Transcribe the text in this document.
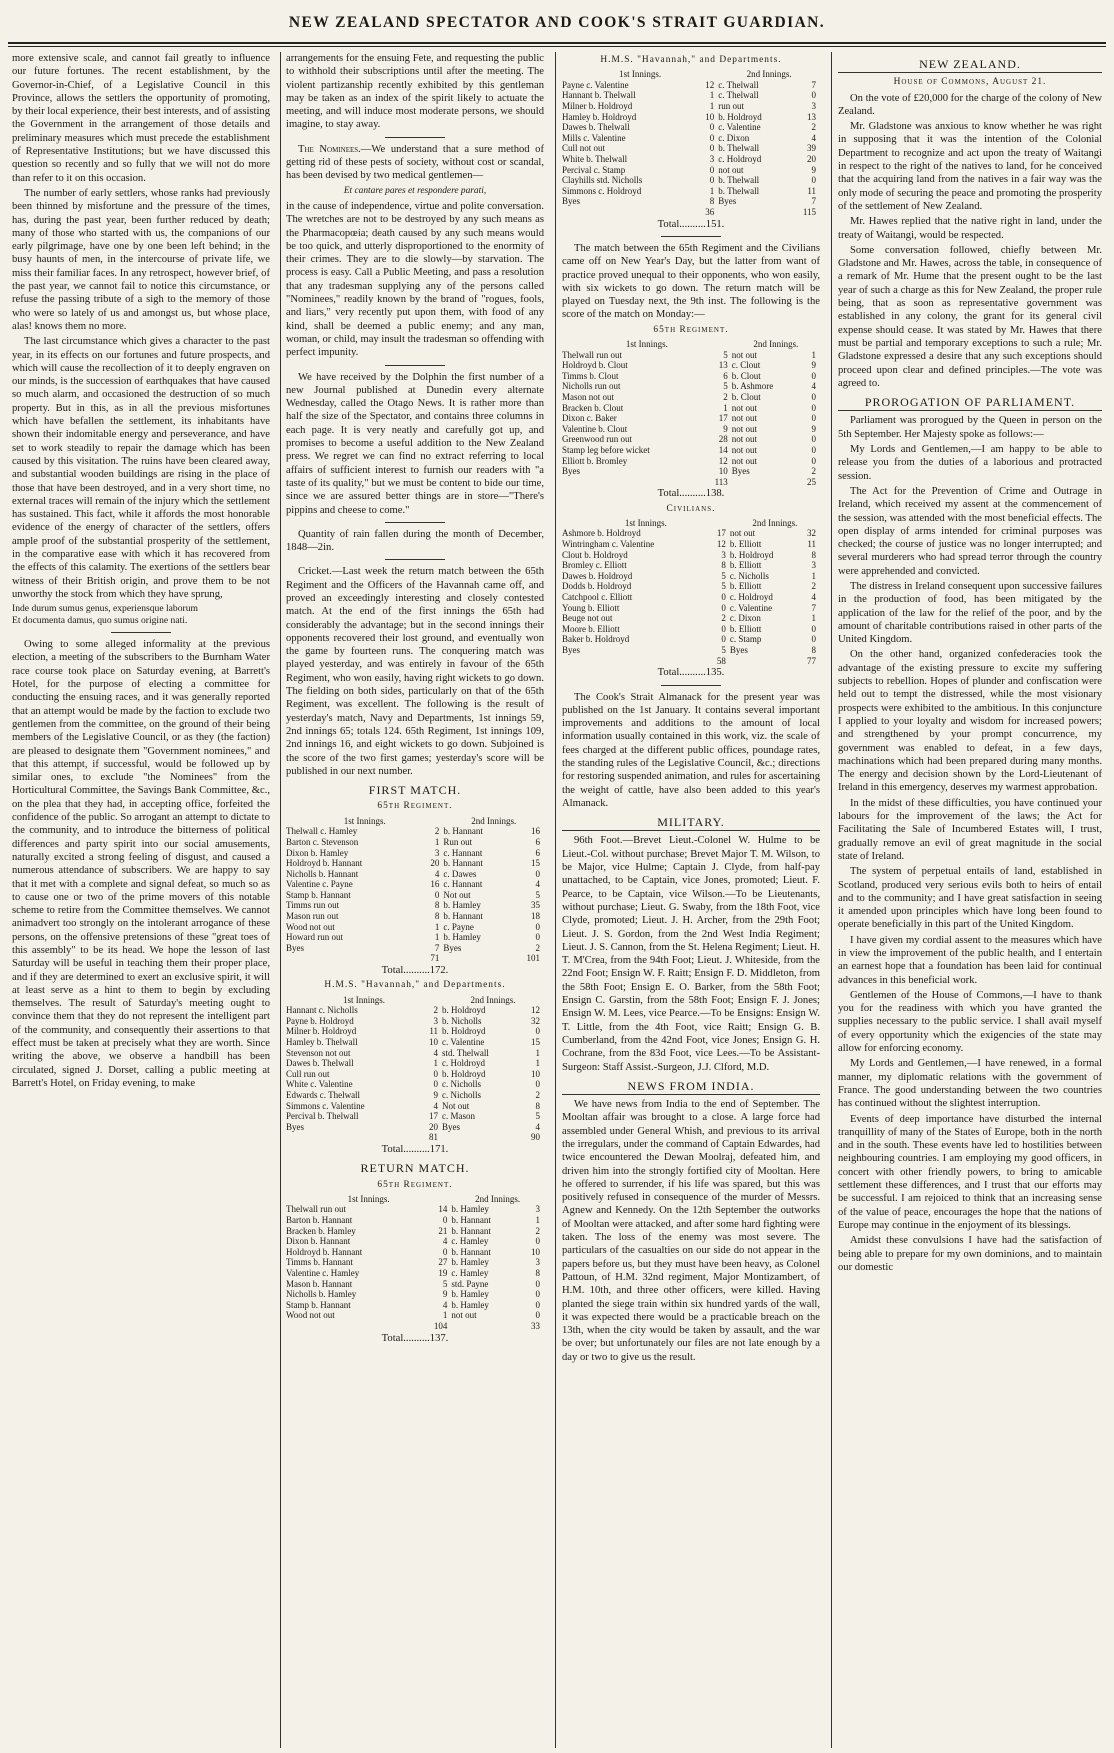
NEW ZEALAND SPECTATOR AND COOK'S STRAIT GUARDIAN.

more extensive scale, and cannot fail greatly to influence our future fortunes. The recent establishment, by the Governor-in-Chief, of a Legislative Council in this Province, allows the settlers the opportunity of promoting, by their local experience, their best interests, and of assisting the Government in the arrangement of those details and preliminary measures which must precede the establishment of Representative Institutions; but we have discussed this question so recently and so fully that we will not do more than refer to it on this occasion.

The number of early settlers, whose ranks had previously been thinned by misfortune and the pressure of the times, has, during the past year, been further reduced by death; many of those who started with us, the companions of our early pilgrimage, have one by one been left behind; in the busy haunts of men, in the intercourse of private life, we miss their familiar faces. In any retrospect, however brief, of the past year, we cannot fail to notice this circumstance, or refuse the passing tribute of a sigh to the memory of those who were so lately of us and amongst us, but whose place, alas! knows them no more.

The last circumstance which gives a character to the past year, in its effects on our fortunes and future prospects, and which will cause the recollection of it to deeply engraven on our minds, is the succession of earthquakes that have caused so much alarm, and occasioned the destruction of so much property. But in this, as in all the previous misfortunes which have befallen the settlement, its inhabitants have shown their indomitable energy and perseverance, and have set to work steadily to repair the damage which has been caused by this visitation. The ruins have been cleared away, and substantial wooden buildings are rising in the place of those that have been destroyed, and in a very short time, no external traces will remain of the injury which the settlement has sustained. This fact, while it affords the most honorable evidence of the energy of character of the settlers, offers ample proof of the substantial prosperity of the settlement, in the comparative ease with which it has recovered from the effects of this calamity. The exertions of the settlers bear witness of their British origin, and prove them to be not unworthy the stock from which they have sprung,

Inde durum sumus genus, experiensque laborum
Et documenta damus, quo sumus origine nati.

Owing to some alleged informality at the previous election, a meeting of the subscribers to the Burnham Water race course took place on Saturday evening, at Barrett's Hotel, for the purpose of electing a committee for conducting the ensuing races, and it was generally reported that an attempt would be made by the faction to exclude two gentlemen from the committee, on the ground of their being members of the Legislative Council, or as they (the faction) are pleased to designate them "Government nominees," and that this attempt, if successful, would be followed up by similar ones, to exclude "the Nominees" from the Horticultural Committee, the Savings Bank Committee, &c., on the plea that they had, in accepting office, forfeited the confidence of the public. So arrogant an attempt to dictate to the community, and to introduce the bitterness of political differences and party spirit into our social amusements, naturally excited a strong feeling of disgust, and caused a numerous attendance of subscribers. We are happy to say that it met with a complete and signal defeat, so much so as to cause one or two of the prime movers of this notable scheme to retire from the Committee themselves. We cannot animadvert too strongly on the intolerant arrogance of these persons, on the offensive pretensions of these "great toes of this assembly" to be its head. We hope the lesson of last Saturday will be useful in teaching them their proper place, and if they are determined to exert an exclusive spirit, it will at least serve as a hint to them to begin by excluding themselves. The result of Saturday's meeting ought to convince them that they do not represent the intelligent part of the community, and consequently their assertions to that effect must be taken at precisely what they are worth. Since writing the above, we observe a handbill has been circulated, signed J. Dorset, calling a public meeting at Barrett's Hotel, on Friday evening, to make

arrangements for the ensuing Fete, and requesting the public to withhold their subscriptions until after the meeting. The violent partizanship recently exhibited by this gentleman may be taken as an index of the spirit likely to actuate the meeting, and will induce most moderate persons, we should imagine, to stay away.

The Nominees.—We understand that a sure method of getting rid of these pests of society, without cost or scandal, has been devised by two medical gentlemen—

Et cantare pares et respondere parati,

in the cause of independence, virtue and polite conversation. The wretches are not to be destroyed by any such means as the Pharmacopœia; death caused by any such means would be too quick, and utterly disproportioned to the enormity of their crimes. They are to die slowly—by starvation. The process is easy. Call a Public Meeting, and pass a resolution that any tradesman supplying any of the persons called "Nominees," readily known by the brand of "rogues, fools, and liars," very recently put upon them, with food of any kind, shall be deemed a public enemy; and any man, woman, or child, may insult the tradesman so offending with perfect impunity.

We have received by the Dolphin the first number of a new Journal published at Dunedin every alternate Wednesday, called the Otago News. It is rather more than half the size of the Spectator, and contains three columns in each page. It is very neatly and carefully got up, and promises to become a useful addition to the New Zealand press. We regret we can find no extract referring to local affairs of sufficient interest to furnish our readers with "a taste of its quality," but we must be content to bide our time, since we are assured better things are in store—"There's pippins and cheese to come."

Quantity of rain fallen during the month of December, 1848—2in.

Cricket.—Last week the return match between the 65th Regiment and the Officers of the Havannah came off, and proved an exceedingly interesting and closely contested match. At the end of the first innings the 65th had considerably the advantage; but in the second innings their opponents recovered their lost ground, and eventually won the game by fourteen runs. The conquering match was played yesterday, and was entirely in favour of the 65th Regiment, who won easily, having right wickets to go down. The fielding on both sides, particularly on that of the 65th Regiment, was excellent. The following is the result of yesterday's match, Navy and Departments, 1st innings 59, 2nd innings 65; totals 124. 65th Regiment, 1st innings 109, 2nd innings 16, and eight wickets to go down. Subjoined is the score of the two first games; yesterday's score will be published in our next number.

FIRST MATCH.
65th Regiment.
1st Innings.		2nd Innings.	
Thelwall c. Hamley	2	b. Hannant	16
Barton c. Stevenson	1	Run out	6
Dixon b. Hamley	3	c. Hannant	6
Holdroyd b. Hannant	20	b. Hannant	15
Nicholls b. Hannant	4	c. Dawes	0
Valentine c. Payne	16	c. Hannant	4
Stamp b. Hannant	0	Not out	5
Timms run out	8	b. Hamley	35
Mason run out	8	b. Hannant	18
Wood not out	1	c. Payne	0
Howard run out	1	b. Hamley	0
Byes	7	Byes	2
	71		101
Total..........172.
H.M.S. "Havannah," and Departments.
1st Innings.		2nd Innings.	
Hannant c. Nicholls	2	b. Holdroyd	12
Payne b. Holdroyd	3	b. Nicholls	32
Milner b. Holdroyd	11	b. Holdroyd	0
Hamley b. Thelwall	10	c. Valentine	15
Stevenson not out	4	std. Thelwall	1
Dawes b. Thelwall	1	c. Holdroyd	1
Cull run out	0	b. Holdroyd	10
White c. Valentine	0	c. Nicholls	0
Edwards c. Thelwall	9	c. Nicholls	2
Simmons c. Valentine	4	Not out	8
Percival b. Thelwall	17	c. Mason	5
Byes	20	Byes	4
	81		90
Total..........171.
RETURN MATCH.
65th Regiment.
1st Innings.		2nd Innings.	
Thelwall run out	14	b. Hamley	3
Barton b. Hannant	0	b. Hannant	1
Bracken b. Hamley	21	b. Hannant	2
Dixon b. Hannant	4	c. Hamley	0
Holdroyd b. Hannant	0	b. Hannant	10
Timms b. Hannant	27	b. Hamley	3
Valentine c. Hamley	19	c. Hamley	8
Mason b. Hannant	5	std. Payne	0
Nicholls b. Hamley	9	b. Hamley	0
Stamp b. Hannant	4	b. Hamley	0
Wood not out	1	not out	0
	104		33
Total..........137.
H.M.S. "Havannah," and Departments.
1st Innings.		2nd Innings.	
Payne c. Valentine	12	c. Thelwall	7
Hannant b. Thelwall	1	c. Thelwall	0
Milner b. Holdroyd	1	run out	3
Hamley b. Holdroyd	10	b. Holdroyd	13
Dawes b. Thelwall	0	c. Valentine	2
Mills c. Valentine	0	c. Dixon	4
Cull not out	0	b. Thelwall	39
White b. Thelwall	3	c. Holdroyd	20
Percival c. Stamp	0	not out	9
Clayhills std. Nicholls	0	b. Thelwall	0
Simmons c. Holdroyd	1	b. Thelwall	11
Byes	8	Byes	7
	36		115
Total..........151.

The match between the 65th Regiment and the Civilians came off on New Year's Day, but the latter from want of practice proved unequal to their opponents, who won easily, with six wickets to go down. The return match will be played on Tuesday next, the 9th inst. The following is the score of the match on Monday:—

65th Regiment.
1st Innings.		2nd Innings.	
Thelwall run out	5	not out	1
Holdroyd b. Clout	13	c. Clout	9
Timms b. Clout	6	b. Clout	0
Nicholls run out	5	b. Ashmore	4
Mason not out	2	b. Clout	0
Bracken b. Clout	1	not out	0
Dixon c. Baker	17	not out	0
Valentine b. Clout	9	not out	9
Greenwood run out	28	not out	0
Stamp leg before wicket	14	not out	0
Elliott b. Bromley	12	not out	0
Byes	10	Byes	2
	113		25
Total..........138.
Civilians.
1st Innings.		2nd Innings.	
Ashmore b. Holdroyd	17	not out	32
Wintringham c. Valentine	12	b. Elliott	11
Clout b. Holdroyd	3	b. Holdroyd	8
Bromley c. Elliott	8	b. Elliott	3
Dawes b. Holdroyd	5	c. Nicholls	1
Dodds b. Holdroyd	5	b. Elliott	2
Catchpool c. Elliott	0	c. Holdroyd	4
Young b. Elliott	0	c. Valentine	7
Beuge not out	2	c. Dixon	1
Moore b. Elliott	0	b. Elliott	0
Baker b. Holdroyd	0	c. Stamp	0
Byes	5	Byes	8
	58		77
Total..........135.

The Cook's Strait Almanack for the present year was published on the 1st January. It contains several important improvements and additions to the amount of local information usually contained in this work, viz. the scale of fees charged at the different public offices, poundage rates, the standing rules of the Legislative Council, &c.; directions for restoring suspended animation, and rules for ascertaining the weight of cattle, have also been added to this year's Almanack.

MILITARY.

96th Foot.—Brevet Lieut.-Colonel W. Hulme to be Lieut.-Col. without purchase; Brevet Major T. M. Wilson, to be Major, vice Hulme; Captain J. Clyde, from half-pay unattached, to be Captain, vice Jones, promoted; Lieut. F. Pearce, to be Captain, vice Wilson.—To be Lieutenants, without purchase; Lieut. G. Swaby, from the 18th Foot, vice Clyde, promoted; Lieut. J. H. Archer, from the 29th Foot; Lieut. J. S. Gordon, from the 2nd West India Regiment; Lieut. J. S. Cannon, from the St. Helena Regiment; Lieut. H. T. M'Crea, from the 94th Foot; Lieut. J. Whiteside, from the 22nd Foot; Ensign W. F. Raitt; Ensign F. D. Middleton, from the 58th Foot; Ensign E. O. Barker, from the 58th Foot; Ensign C. Garstin, from the 58th Foot; Ensign F. J. Jones; Ensign W. M. Lees, vice Pearce.—To be Ensigns: Ensign W. T. Little, from the 4th Foot, vice Raitt; Ensign G. B. Cumberland, from the 42nd Foot, vice Jones; Ensign G. H. Cochrane, from the 83d Foot, vice Lees.—To be Assistant-Surgeon: Staff Assist.-Surgeon, J.J. Clford, M.D.

NEWS FROM INDIA.

We have news from India to the end of September. The Mooltan affair was brought to a close. A large force had assembled under General Whish, and previous to its arrival the irregulars, under the command of Captain Edwardes, had twice encountered the Dewan Moolraj, defeated him, and driven him into the strongly fortified city of Mooltan. Here he offered to surrender, if his life was spared, but this was positively refused in consequence of the murder of Messrs. Agnew and Kennedy. On the 12th September the outworks of Mooltan were attacked, and after some hard fighting were taken. The loss of the enemy was most severe. The particulars of the casualties on our side do not appear in the papers before us, but they must have been heavy, as Colonel Pattoun, of H.M. 32nd regiment, Major Montizambert, of H.M. 10th, and three other officers, were killed. Having planted the siege train within six hundred yards of the wall, it was expected there would be a practicable breach on the 13th, when the city would be taken by assault, and the war be over; but unfortunately our files are not late enough by a day or two to give us the result.

NEW ZEALAND.
House of Commons, August 21.

On the vote of £20,000 for the charge of the colony of New Zealand.

Mr. Gladstone was anxious to know whether he was right in supposing that it was the intention of the Colonial Department to recognize and act upon the treaty of Waitangi in respect to the right of the natives to land, for he conceived that the acquiring land from the natives in a fair way was the only mode of securing the peace and promoting the prosperity of the settlement of New Zealand.

Mr. Hawes replied that the native right in land, under the treaty of Waitangi, would be respected.

Some conversation followed, chiefly between Mr. Gladstone and Mr. Hawes, across the table, in consequence of a remark of Mr. Hume that the present ought to be the last year of such a charge as this for New Zealand, the proper rule being, that as soon as representative government was established in any colony, the grant for its general civil expense should cease. It was stated by Mr. Hawes that there must be partial and temporary exceptions to such a rule; Mr. Gladstone expressed a desire that any such exceptions should proceed upon clear and defined principles.—The vote was agreed to.

PROROGATION OF PARLIAMENT.

Parliament was prorogued by the Queen in person on the 5th September. Her Majesty spoke as follows:—

My Lords and Gentlemen,—I am happy to be able to release you from the duties of a laborious and protracted session.

The Act for the Prevention of Crime and Outrage in Ireland, which received my assent at the commencement of the session, was attended with the most beneficial effects. The open display of arms intended for criminal purposes was checked; the course of justice was no longer interrupted; and several murderers who had spread terror through the country were apprehended and convicted.

The distress in Ireland consequent upon successive failures in the production of food, has been mitigated by the application of the law for the relief of the poor, and by the amount of charitable contributions raised in other parts of the United Kingdom.

On the other hand, organized confederacies took the advantage of the existing pressure to excite my suffering subjects to rebellion. Hopes of plunder and confiscation were held out to tempt the distressed, while the most visionary prospects were exhibited to the ambitious. In this conjuncture I applied to your loyalty and wisdom for increased powers; and strengthened by your prompt concurrence, my government was enabled to defeat, in a few days, machinations which had been prepared during many months. The energy and decision shown by the Lord-Lieutenant of Ireland in this emergency, deserves my warmest approbation.

In the midst of these difficulties, you have continued your labours for the improvement of the laws; the Act for Facilitating the Sale of Incumbered Estates will, I trust, gradually remove an evil of great magnitude in the social state of Ireland.

The system of perpetual entails of land, established in Scotland, produced very serious evils both to heirs of entail and to the community; and I have great satisfaction in seeing it amended upon principles which have long been found to operate beneficially in this part of the United Kingdom.

I have given my cordial assent to the measures which have in view the improvement of the public health, and I entertain an earnest hope that a foundation has been laid for continual advances in this beneficial work.

Gentlemen of the House of Commons,—I have to thank you for the readiness with which you have granted the supplies necessary to the public service. I shall avail myself of every opportunity which the exigencies of the state may allow for enforcing economy.

My Lords and Gentlemen,—I have renewed, in a formal manner, my diplomatic relations with the government of France. The good understanding between the two countries has continued without the slightest interruption.

Events of deep importance have disturbed the internal tranquillity of many of the States of Europe, both in the north and in the south. These events have led to hostilities between neighbouring countries. I am employing my good officers, in concert with other friendly powers, to bring to amicable settlement these differences, and I trust that our efforts may be successful. I am rejoiced to think that an increasing sense of the value of peace, encourages the hope that the nations of Europe may continue in the enjoyment of its blessings.

Amidst these convulsions I have had the satisfaction of being able to prepare for my own dominions, and to maintain our domestic
